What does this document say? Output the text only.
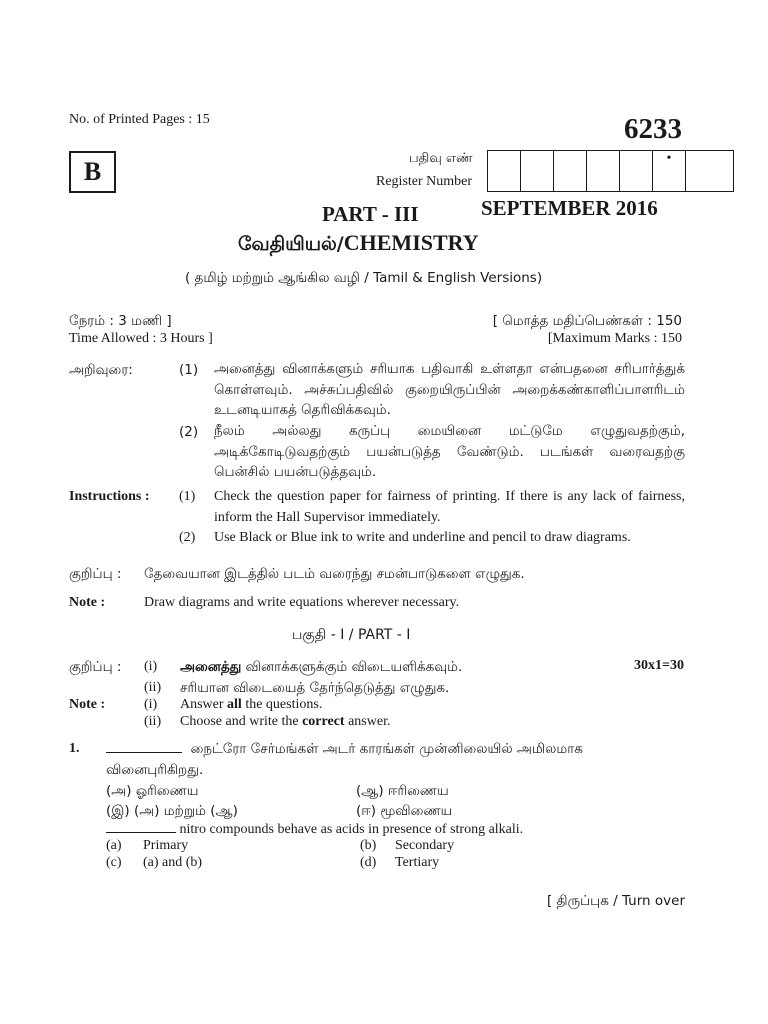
No. of Printed Pages : 15	6233
B	பதிவு எண்
Register Number
•
PART - III	SEPTEMBER 2016
வேதியியல்/CHEMISTRY
( தமிழ் மற்றும் ஆங்கில வழி / Tamil & English Versions)
நேரம் : 3 மணி ]
Time Allowed : 3 Hours ]
[ மொத்த மதிப்பெண்கள் : 150
[Maximum Marks : 150
அறிவுரை:	(1) அனைத்து வினாக்களும் சரியாக பதிவாகி உள்ளதா என்பதனை சரிபார்த்துக் கொள்ளவும். அச்சுப்பதிவில் குறையிருப்பின் அறைக்கண்காளிப்பாளரிடம் உடனடியாகத் தெரிவிக்கவும்.
(2) நீலம் அல்லது கருப்பு மையினை மட்டுமே எழுதுவதற்கும், அடிக்கோடிடுவதற்கும் பயன்படுத்த வேண்டும். படங்கள் வரைவதற்கு பென்சில் பயன்படுத்தவும்.
Instructions : (1) Check the question paper for fairness of printing. If there is any lack of fairness, inform the Hall Supervisor immediately.
(2) Use Black or Blue ink to write and underline and pencil to draw diagrams.
குறிப்பு : தேவையான இடத்தில் படம் வரைந்து சமன்பாடுகளை எழுதுக.
Note :	Draw diagrams and write equations wherever necessary.
பகுதி - I / PART - I
30x1=30
குறிப்பு : (i) அனைத்து வினாக்களுக்கும் விடையளிக்கவும்.
(ii) சரியான விடையைத் தேர்ந்தெடுத்து எழுதுக.
Note :	(i) Answer all the questions.
(ii) Choose and write the correct answer.
1.	நைட்ரோ சேர்மங்கள் அடர் காரங்கள் முன்னிலையில் அமிலமாக
வினைபுரிகிறது.
(அ) ஓரிணைய	(ஆ) ஈரிணைய
(இ) (அ) மற்றும் (ஆ)	(ஈ) மூவிணைய
nitro compounds behave as acids in presence of strong alkali.
(a) Primary	(b) Secondary
(c) (a) and (b)	(d) Tertiary
[ திருப்புக / Turn over
